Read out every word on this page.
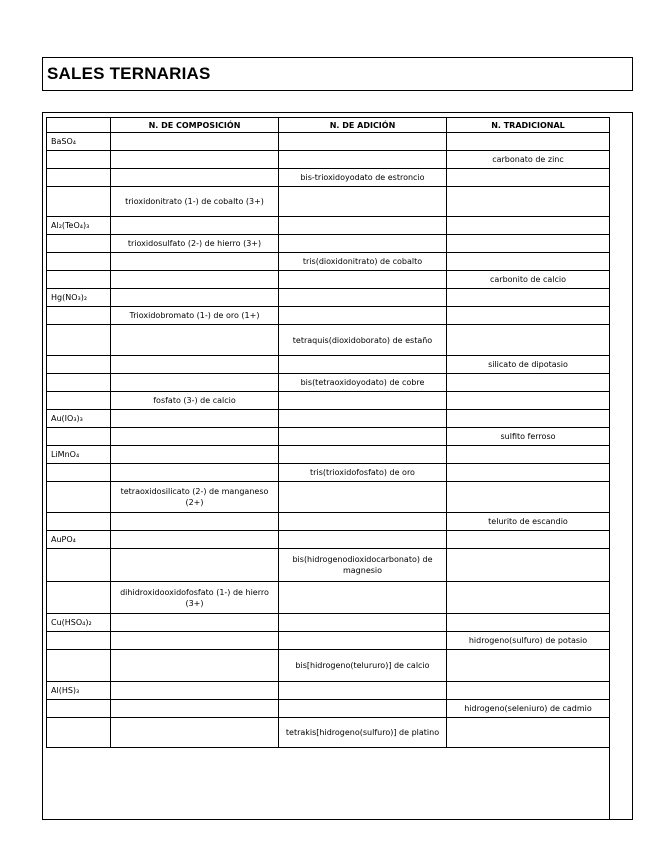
SALES TERNARIAS
	N. DE COMPOSICIÓN	N. DE ADICIÓN	N. TRADICIONAL
BaSO₄			
			carbonato de zinc
		bis-trioxidoyodato de estroncio	
	trioxidonitrato (1-) de cobalto (3+)		
Al₂(TeO₄)₃			
	trioxidosulfato (2-) de hierro (3+)		
		tris(dioxidonitrato) de cobalto	
			carbonito de calcio
Hg(NO₃)₂			
	Trioxidobromato (1-) de oro (1+)		
		tetraquis(dioxidoborato) de estaño	
			silicato de dipotasio
		bis(tetraoxidoyodato) de cobre	
	fosfato (3-) de calcio		
Au(IO₃)₃			
			sulfito ferroso
LiMnO₄			
		tris(trioxidofosfato) de oro	
	tetraoxidosilicato (2-) de manganeso (2+)		
			telurito de escandio
AuPO₄			
		bis(hidrogenodioxidocarbonato) de magnesio	
	dihidroxidooxidofosfato (1-) de hierro (3+)		
Cu(HSO₄)₂			
			hidrogeno(sulfuro) de potasio
		bis[hidrogeno(telururo)] de calcio	
Al(HS)₃			
			hidrogeno(seleniuro) de cadmio
		tetrakis[hidrogeno(sulfuro)] de platino	
